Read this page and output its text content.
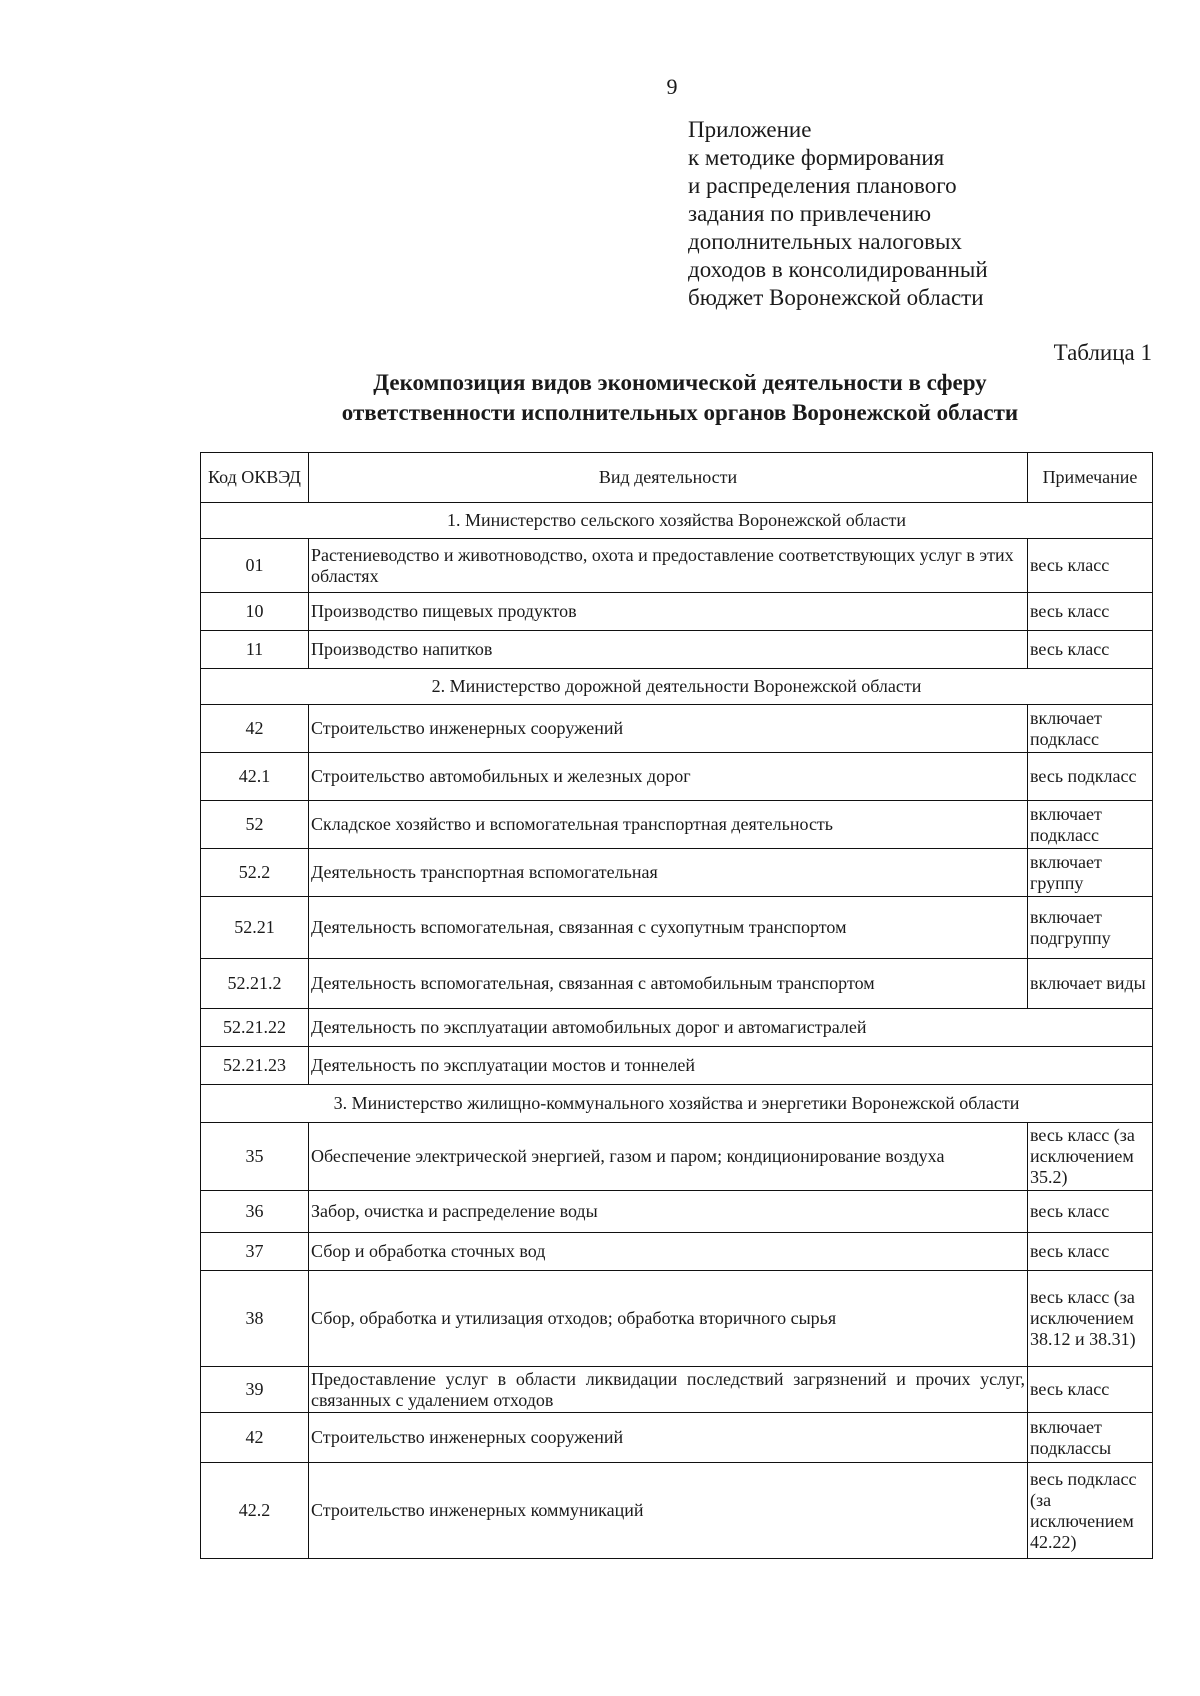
9
Приложение
к методике формирования
и распределения планового
задания по привлечению
дополнительных налоговых
доходов в консолидированный
бюджет Воронежской области
Таблица 1
Декомпозиция видов экономической деятельности в сферу
ответственности исполнительных органов Воронежской области
Код ОКВЭД	Вид деятельности	Примечание
1. Министерство сельского хозяйства Воронежской области		
01	Растениеводство и животноводство, охота и предоставление соответствующих услуг в этих областях	весь класс
10	Производство пищевых продуктов	весь класс
11	Производство напитков	весь класс
2. Министерство дорожной деятельности Воронежской области		
42	Строительство инженерных сооружений	включает подкласс
42.1	Строительство автомобильных и железных дорог	весь подкласс
52	Складское хозяйство и вспомогательная транспортная деятельность	включает подкласс
52.2	Деятельность транспортная вспомогательная	включает группу
52.21	Деятельность вспомогательная, связанная с сухопутным транспортом	включает подгруппу
52.21.2	Деятельность вспомогательная, связанная с автомобильным транспортом	включает виды
52.21.22	Деятельность по эксплуатации автомобильных дорог и автомагистралей	
52.21.23	Деятельность по эксплуатации мостов и тоннелей	
3. Министерство жилищно-коммунального хозяйства и энергетики Воронежской области		
35	Обеспечение электрической энергией, газом и паром; кондиционирование воздуха	весь класс (за исключением 35.2)
36	Забор, очистка и распределение воды	весь класс
37	Сбор и обработка сточных вод	весь класс
38	Сбор, обработка и утилизация отходов; обработка вторичного сырья	весь класс (за исключением 38.12 и 38.31)
39	Предоставление услуг в области ликвидации последствий загрязнений и прочих услуг, связанных с удалением отходов	весь класс
42	Строительство инженерных сооружений	включает подклассы
42.2	Строительство инженерных коммуникаций	весь подкласс (за исключением 42.22)
